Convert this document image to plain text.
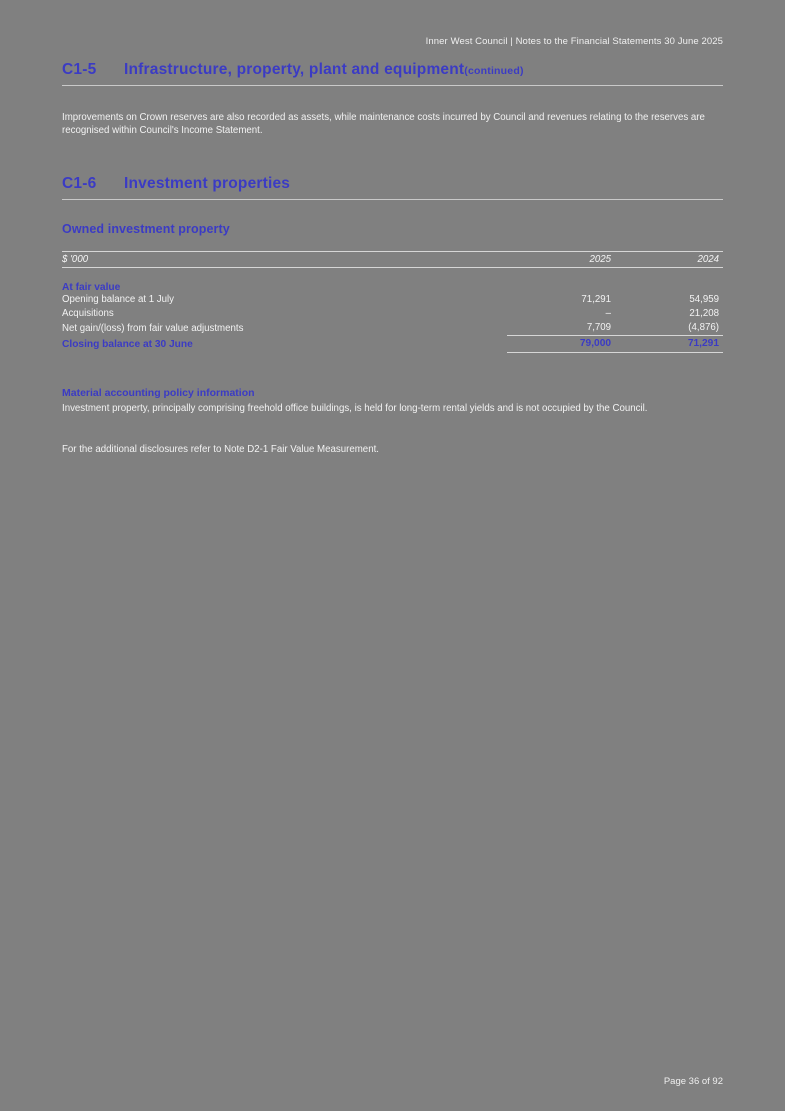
Inner West Council | Notes to the Financial Statements 30 June 2025
C1-5 Infrastructure, property, plant and equipment(continued)
Improvements on Crown reserves are also recorded as assets, while maintenance costs incurred by Council and revenues relating to the reserves are recognised within Council's Income Statement.
C1-6 Investment properties
Owned investment property
$ '000	2025	2024
At fair value		
Opening balance at 1 July	71,291	54,959
Acquisitions	–	21,208
Net gain/(loss) from fair value adjustments	7,709	(4,876)
Closing balance at 30 June	79,000	71,291
Material accounting policy information
Investment property, principally comprising freehold office buildings, is held for long-term rental yields and is not occupied by the Council.
For the additional disclosures refer to Note D2-1 Fair Value Measurement.
Page 36 of 92
